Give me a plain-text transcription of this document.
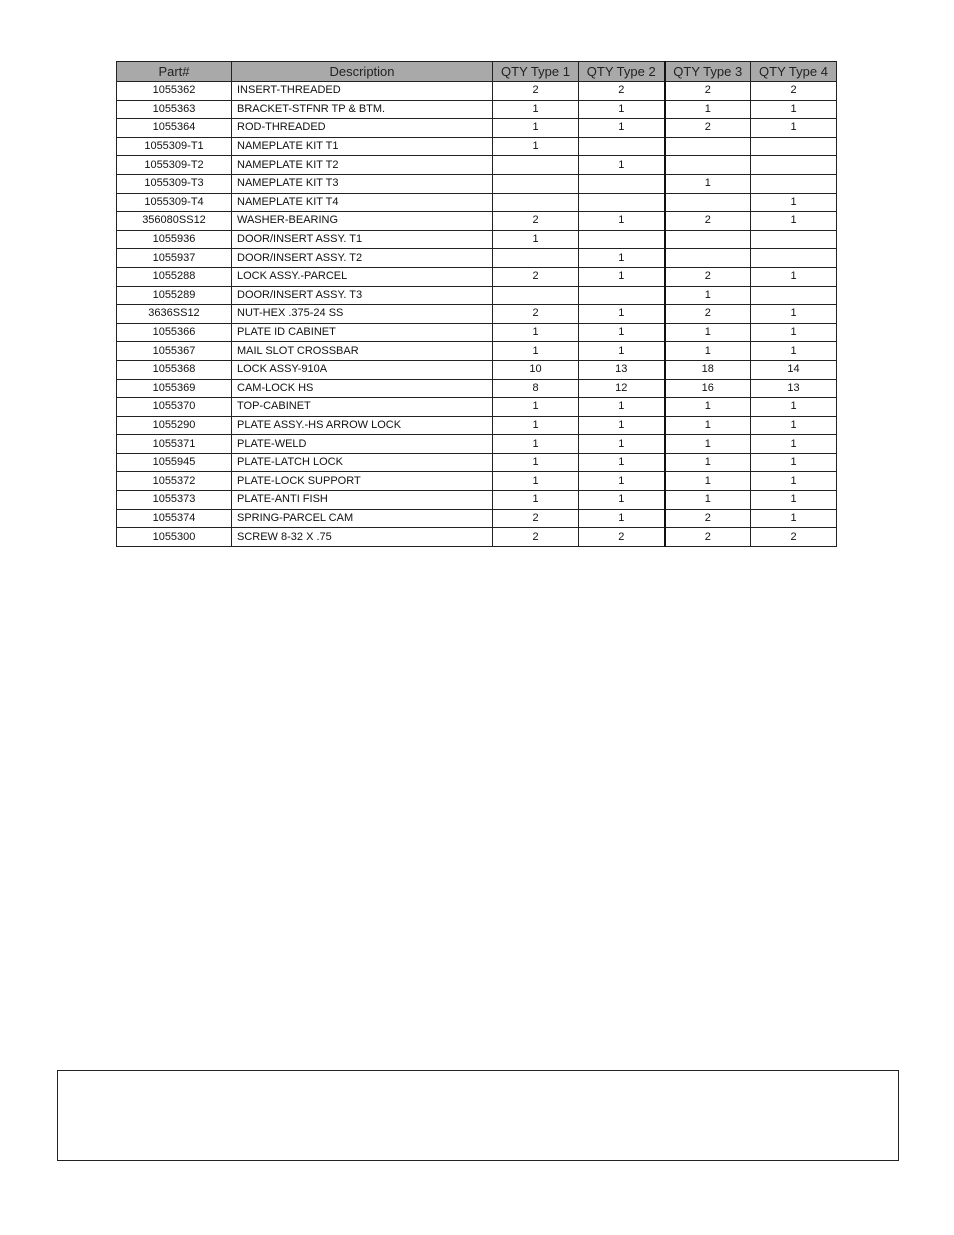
Part#	Description	QTY Type 1	QTY Type 2	QTY Type 3	QTY Type 4
1055362	INSERT-THREADED	2	2	2	2
1055363	BRACKET-STFNR TP & BTM.	1	1	1	1
1055364	ROD-THREADED	1	1	2	1
1055309-T1	NAMEPLATE KIT T1	1			
1055309-T2	NAMEPLATE KIT T2		1		
1055309-T3	NAMEPLATE KIT T3			1	
1055309-T4	NAMEPLATE KIT T4				1
356080SS12	WASHER-BEARING	2	1	2	1
1055936	DOOR/INSERT ASSY. T1	1			
1055937	DOOR/INSERT ASSY. T2		1		
1055288	LOCK ASSY.-PARCEL	2	1	2	1
1055289	DOOR/INSERT ASSY. T3			1	
3636SS12	NUT-HEX .375-24 SS	2	1	2	1
1055366	PLATE ID CABINET	1	1	1	1
1055367	MAIL SLOT CROSSBAR	1	1	1	1
1055368	LOCK ASSY-910A	10	13	18	14
1055369	CAM-LOCK HS	8	12	16	13
1055370	TOP-CABINET	1	1	1	1
1055290	PLATE ASSY.-HS ARROW LOCK	1	1	1	1
1055371	PLATE-WELD	1	1	1	1
1055945	PLATE-LATCH LOCK	1	1	1	1
1055372	PLATE-LOCK SUPPORT	1	1	1	1
1055373	PLATE-ANTI FISH	1	1	1	1
1055374	SPRING-PARCEL CAM	2	1	2	1
1055300	SCREW 8-32 X .75	2	2	2	2
